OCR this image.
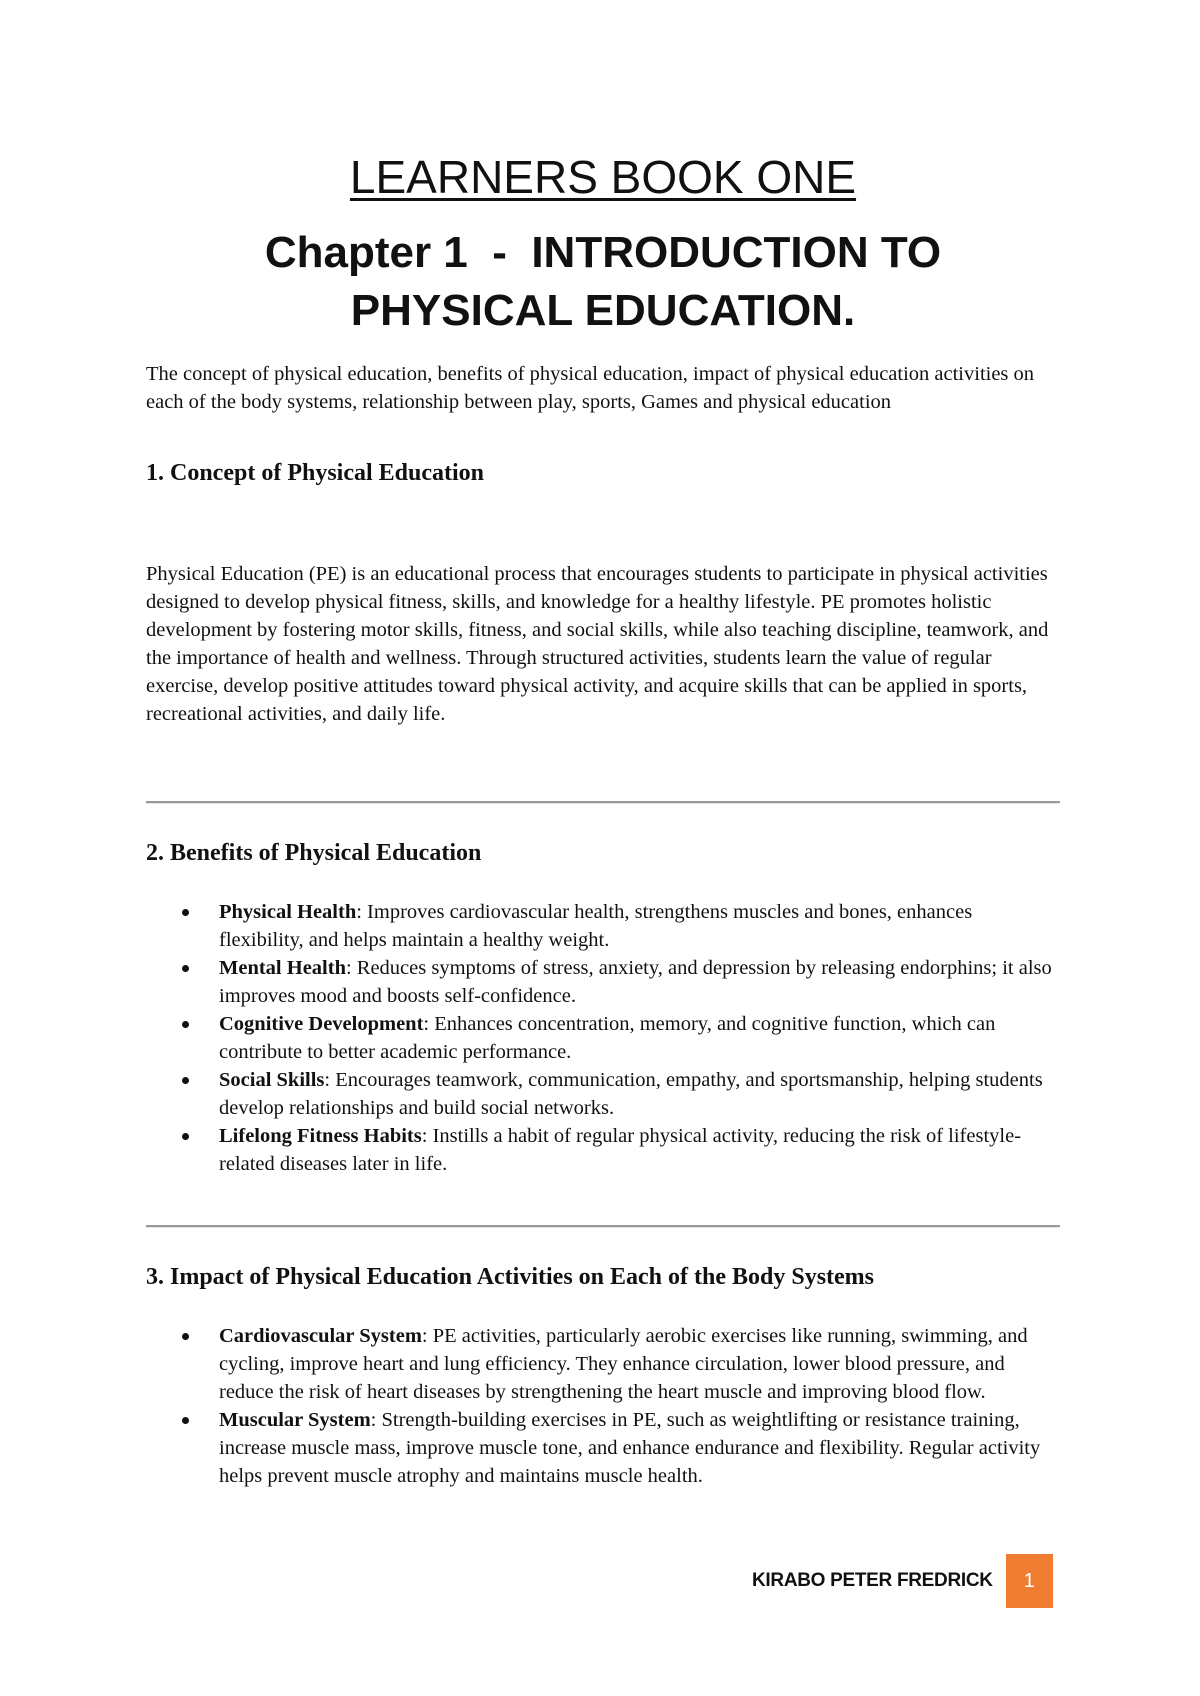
LEARNERS BOOK ONE
Chapter 1  -  INTRODUCTION TO
PHYSICAL EDUCATION.

The concept of physical education, benefits of physical education, impact of physical education activities on each of the body systems, relationship between play, sports, Games and physical education

1. Concept of Physical Education

Physical Education (PE) is an educational process that encourages students to participate in physical activities designed to develop physical fitness, skills, and knowledge for a healthy lifestyle. PE promotes holistic development by fostering motor skills, fitness, and social skills, while also teaching discipline, teamwork, and the importance of health and wellness. Through structured activities, students learn the value of regular exercise, develop positive attitudes toward physical activity, and acquire skills that can be applied in sports, recreational activities, and daily life.

2. Benefits of Physical Education
Physical Health: Improves cardiovascular health, strengthens muscles and bones, enhances flexibility, and helps maintain a healthy weight.
Mental Health: Reduces symptoms of stress, anxiety, and depression by releasing endorphins; it also improves mood and boosts self-confidence.
Cognitive Development: Enhances concentration, memory, and cognitive function, which can contribute to better academic performance.
Social Skills: Encourages teamwork, communication, empathy, and sportsmanship, helping students develop relationships and build social networks.
Lifelong Fitness Habits: Instills a habit of regular physical activity, reducing the risk of lifestyle-related diseases later in life.
3. Impact of Physical Education Activities on Each of the Body Systems
Cardiovascular System: PE activities, particularly aerobic exercises like running, swimming, and cycling, improve heart and lung efficiency. They enhance circulation, lower blood pressure, and reduce the risk of heart diseases by strengthening the heart muscle and improving blood flow.
Muscular System: Strength-building exercises in PE, such as weightlifting or resistance training, increase muscle mass, improve muscle tone, and enhance endurance and flexibility. Regular activity helps prevent muscle atrophy and maintains muscle health.
KIRABO PETER FREDRICK	1
